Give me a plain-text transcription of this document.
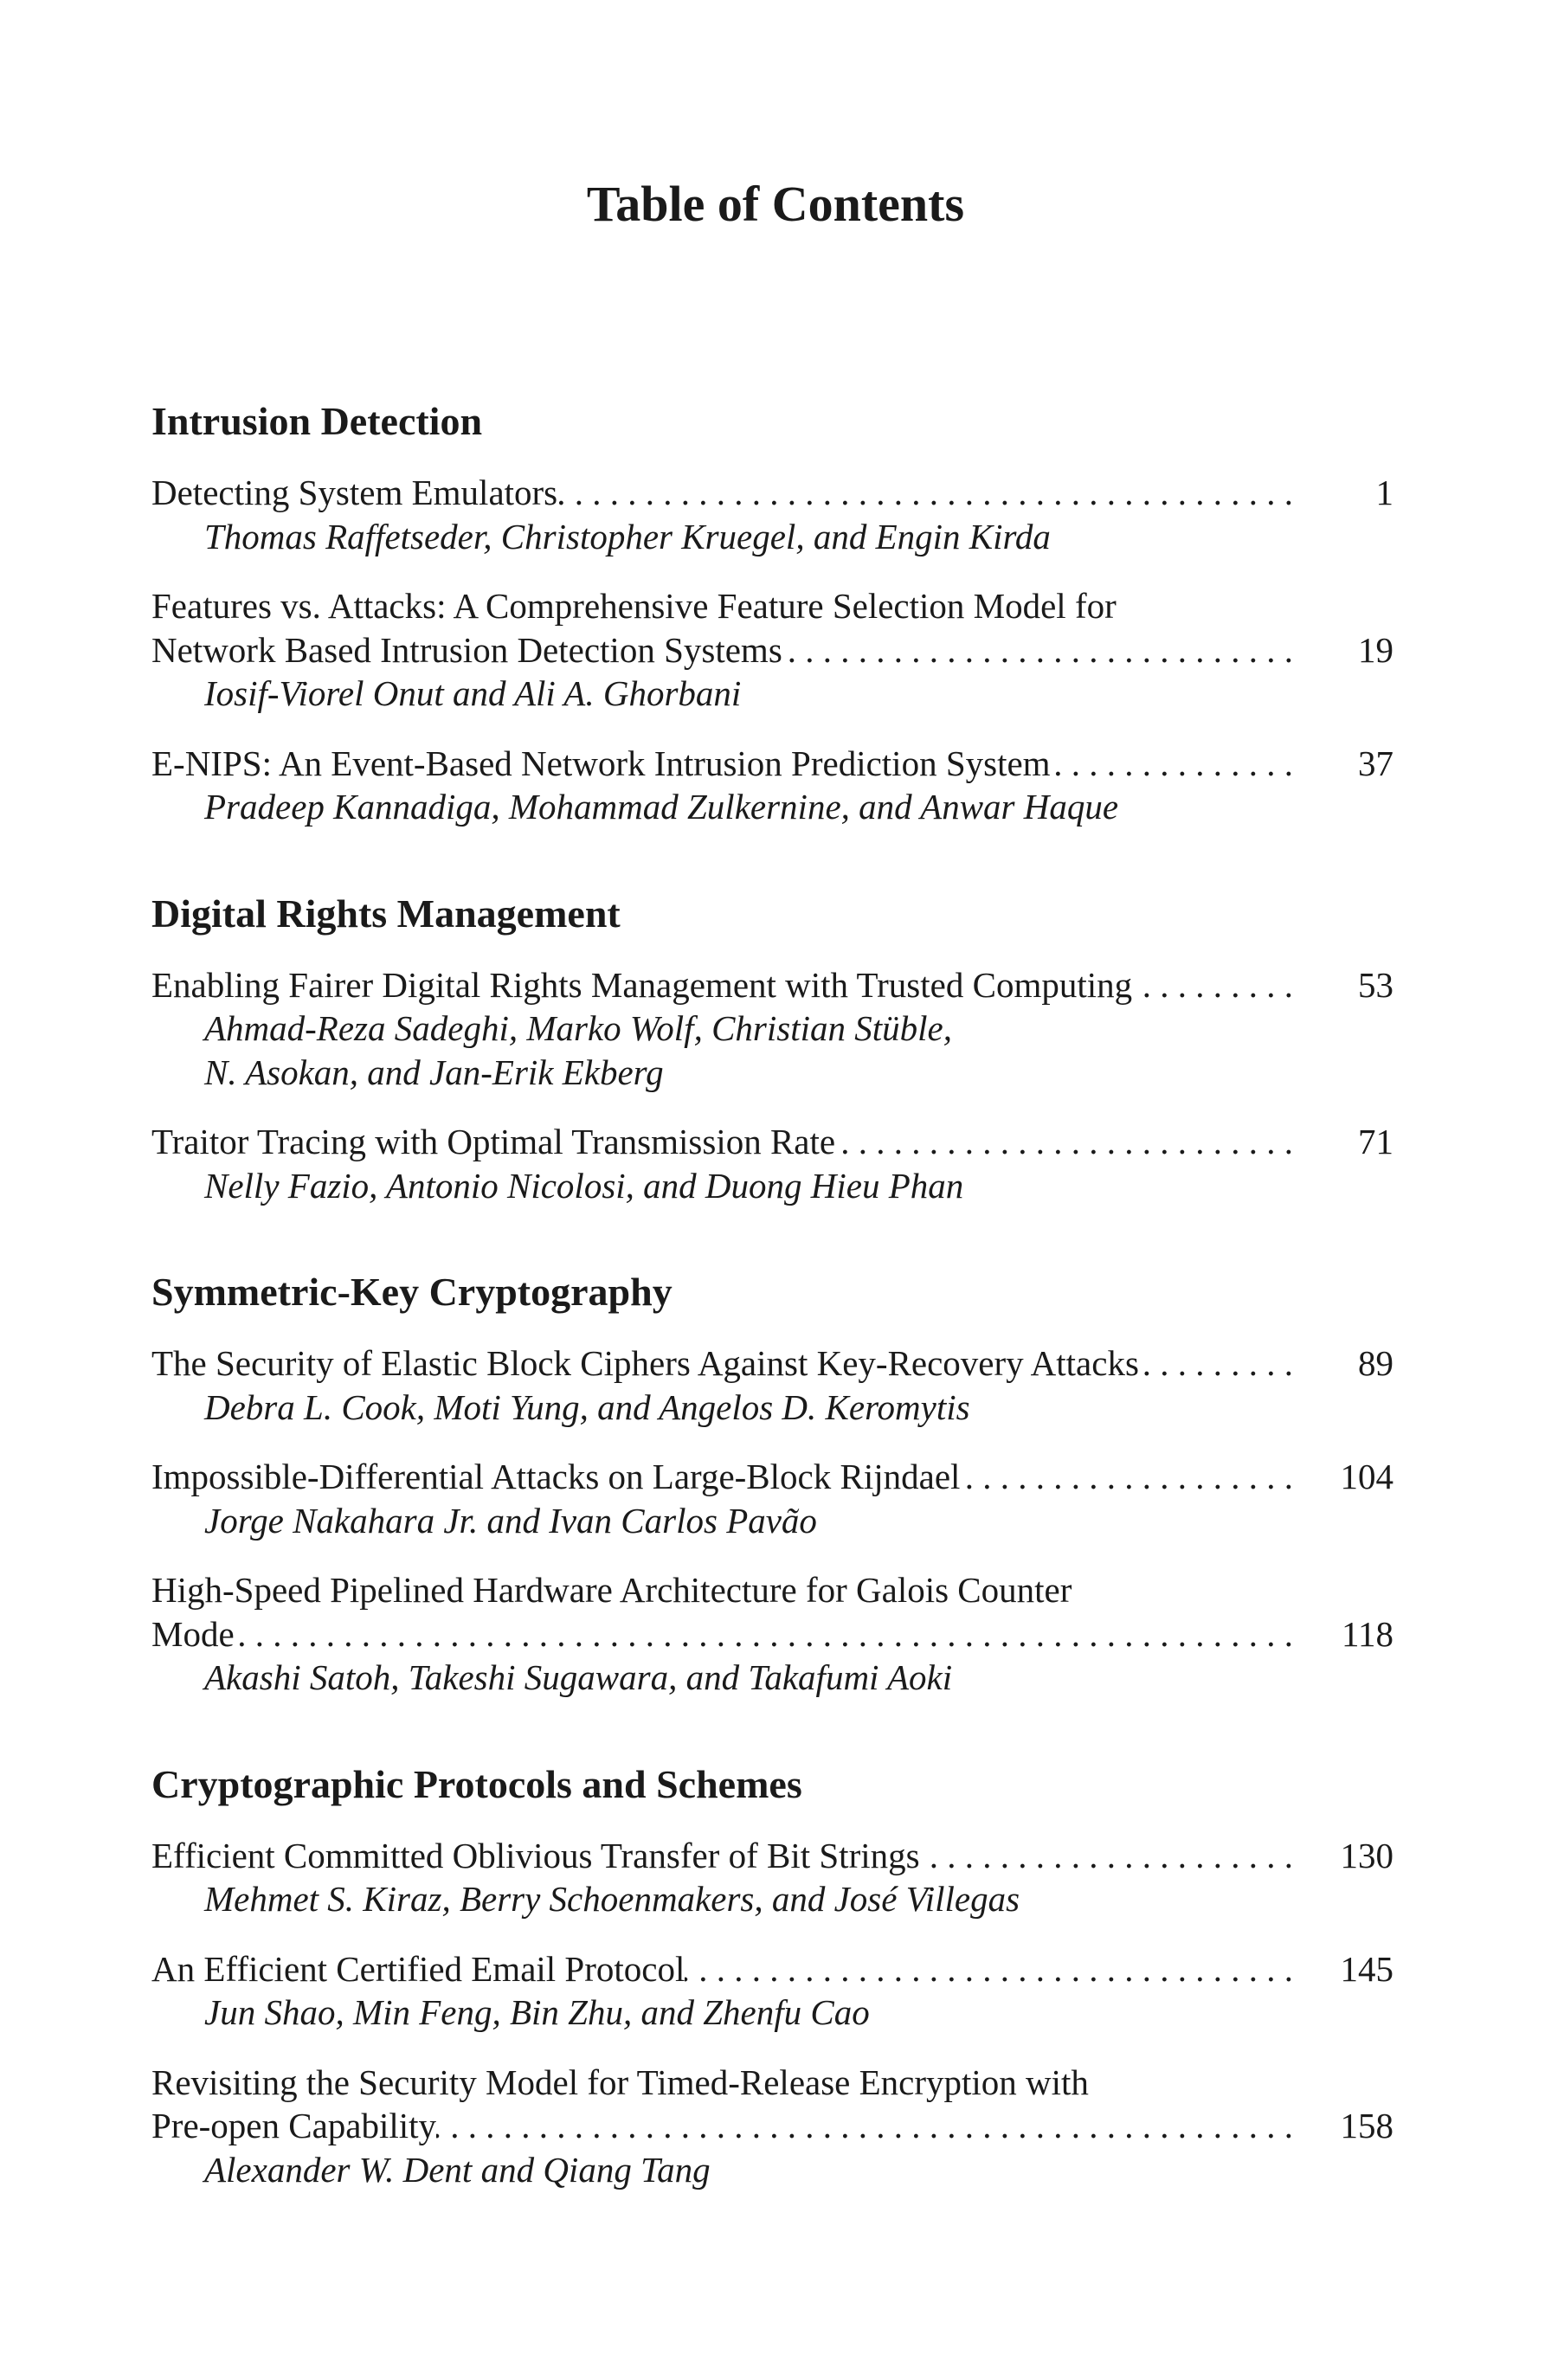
Table of Contents
Intrusion Detection
Detecting System Emulators . . .	1
Thomas Raffetseder, Christopher Kruegel, and Engin Kirda
Features vs. Attacks: A Comprehensive Feature Selection Model for
Network Based Intrusion Detection Systems . . .	19
Iosif-Viorel Onut and Ali A. Ghorbani
E-NIPS: An Event-Based Network Intrusion Prediction System . . .	37
Pradeep Kannadiga, Mohammad Zulkernine, and Anwar Haque
Digital Rights Management
Enabling Fairer Digital Rights Management with Trusted Computing . . .	53
Ahmad-Reza Sadeghi, Marko Wolf, Christian Stüble,
N. Asokan, and Jan-Erik Ekberg
Traitor Tracing with Optimal Transmission Rate . . .	71
Nelly Fazio, Antonio Nicolosi, and Duong Hieu Phan
Symmetric-Key Cryptography
The Security of Elastic Block Ciphers Against Key-Recovery Attacks . . .	89
Debra L. Cook, Moti Yung, and Angelos D. Keromytis
Impossible-Differential Attacks on Large-Block Rijndael . . .	104
Jorge Nakahara Jr. and Ivan Carlos Pavão
High-Speed Pipelined Hardware Architecture for Galois Counter
Mode . . .	118
Akashi Satoh, Takeshi Sugawara, and Takafumi Aoki
Cryptographic Protocols and Schemes
Efficient Committed Oblivious Transfer of Bit Strings . . .	130
Mehmet S. Kiraz, Berry Schoenmakers, and José Villegas
An Efficient Certified Email Protocol . . .	145
Jun Shao, Min Feng, Bin Zhu, and Zhenfu Cao
Revisiting the Security Model for Timed-Release Encryption with
Pre-open Capability . . .	158
Alexander W. Dent and Qiang Tang
